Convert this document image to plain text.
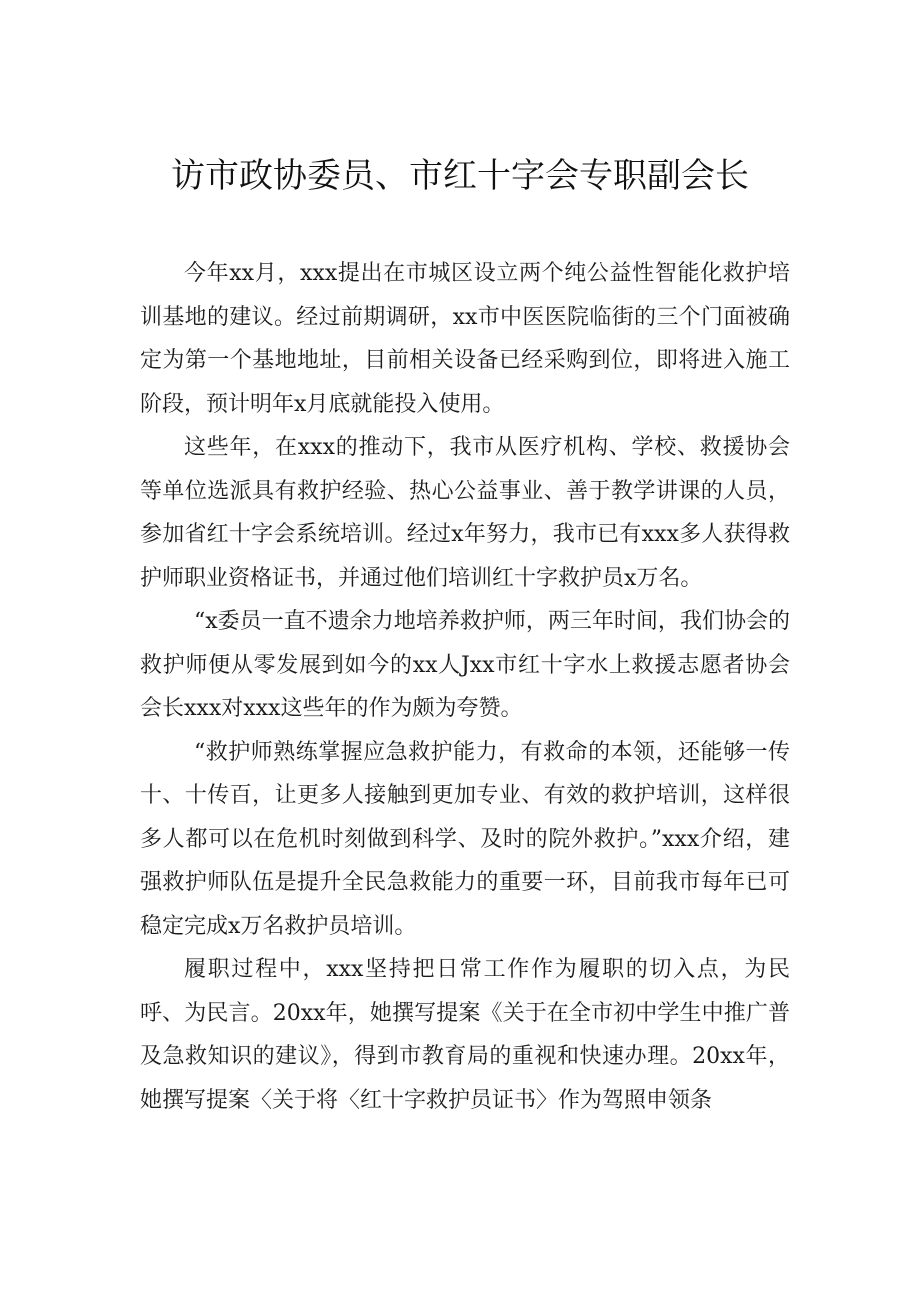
访市政协委员、市红十字会专职副会长

今年xx月，xxx提出在市城区设立两个纯公益性智能化救护培训基地的建议。经过前期调研，xx市中医医院临街的三个门面被确定为第一个基地地址，目前相关设备已经采购到位，即将进入施工阶段，预计明年x月底就能投入使用。

这些年，在xxx的推动下，我市从医疗机构、学校、救援协会等单位选派具有救护经验、热心公益事业、善于教学讲课的人员，参加省红十字会系统培训。经过x年努力，我市已有xxx多人获得救护师职业资格证书，并通过他们培训红十字救护员x万名。

“x委员一直不遗余力地培养救护师，两三年时间，我们协会的救护师便从零发展到如今的xx人Jxx市红十字水上救援志愿者协会会长xxx对xxx这些年的作为颇为夸赞。

“救护师熟练掌握应急救护能力，有救命的本领，还能够一传十、十传百，让更多人接触到更加专业、有效的救护培训，这样很多人都可以在危机时刻做到科学、及时的院外救护。”xxx介绍，建强救护师队伍是提升全民急救能力的重要一环，目前我市每年已可稳定完成x万名救护员培训。

履职过程中，xxx坚持把日常工作作为履职的切入点，为民呼、为民言。20xx年，她撰写提案《关于在全市初中学生中推广普及急救知识的建议》，得到市教育局的重视和快速办理。20xx年，她撰写提案〈关于将〈红十字救护员证书〉作为驾照申领条
